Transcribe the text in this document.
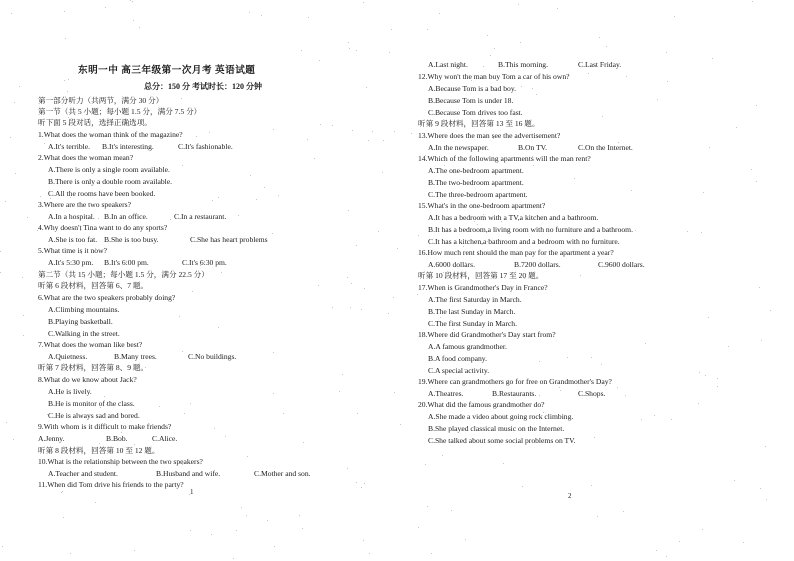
东明一中 高三年级第一次月考 英语试题
总分：150 分 考试时长：120 分钟
第一部分听力（共两节，满分 30 分）
第一节（共 5 小题；每小题 1.5 分，满分 7.5 分）
听下面 5 段对话，选择正确选项。
1.What does the woman think of the magazine?
A.It's terrible. B.It's interesting.	C.It's fashionable.
2.What does the woman mean?
A.There is only a single room available.
B.There is only a double room available.
C.All the rooms have been booked.
3.Where are the two speakers?
A.In a hospital. B.In an office.	C.In a restaurant.
4.Why doesn't Tina want to do any sports?
A.She is too fat. B.She is too busy.	C.She has heart problems
5.What time is it now?
A.It's 5:30 pm. B.It's 6:00 pm.	C.It's 6:30 pm.
第二节（共 15 小题；每小题 1.5 分，满分 22.5 分）
听第 6 段材料，回答第 6、7 题。
6.What are the two speakers probably doing?
A.Climbing mountains.
B.Playing basketball.
C.Walking in the street.
7.What does the woman like best?
A.Quietness.	B.Many trees.	C.No buildings.
听第 7 段材料，回答第 8、9 题。
8.What do we know about Jack?
A.He is lively.
B.He is monitor of the class.
C.He is always sad and bored.
9.With whom is it difficult to make friends?
A.Jenny.	B.Bob.	C.Alice.
听第 8 段材料，回答第 10 至 12 题。
10.What is the relationship between the two speakers?
A.Teacher and student.	B.Husband and wife.	C.Mother and son.
11.When did Tom drive his friends to the party?
1
A.Last night.	B.This morning.	C.Last Friday.
12.Why won't the man buy Tom a car of his own?
A.Because Tom is a bad boy.
B.Because Tom is under 18.
C.Because Tom drives too fast.
听第 9 段材料，回答第 13 至 16 题。
13.Where does the man see the advertisement?
A.In the newspaper.	B.On TV.	C.On the Internet.
14.Which of the following apartments will the man rent?
A.The one-bedroom apartment.
B.The two-bedroom apartment.
C.The three-bedroom apartment.
15.What's in the one-bedroom apartment?
A.It has a bedroom with a TV,a kitchen and a bathroom.
B.It has a bedroom,a living room with no furniture and a bathroom.
C.It has a kitchen,a bathroom and a bedroom with no furniture.
16.How much rent should the man pay for the apartment a year?
A.6000 dollars.	B.7200 dollars.	C.9600 dollars.
听第 10 段材料，回答第 17 至 20 题。
17.When is Grandmother's Day in France?
A.The first Saturday in March.
B.The last Sunday in March.
C.The first Sunday in March.
18.Where did Grandmother's Day start from?
A.A famous grandmother.
B.A food company.
C.A special activity.
19.Where can grandmothers go for free on Grandmother's Day?
A.Theatres.	B.Restaurants.	C.Shops.
20.What did the famous grandmother do?
A.She made a video about going rock climbing.
B.She played classical music on the Internet.
C.She talked about some social problems on TV.
2
